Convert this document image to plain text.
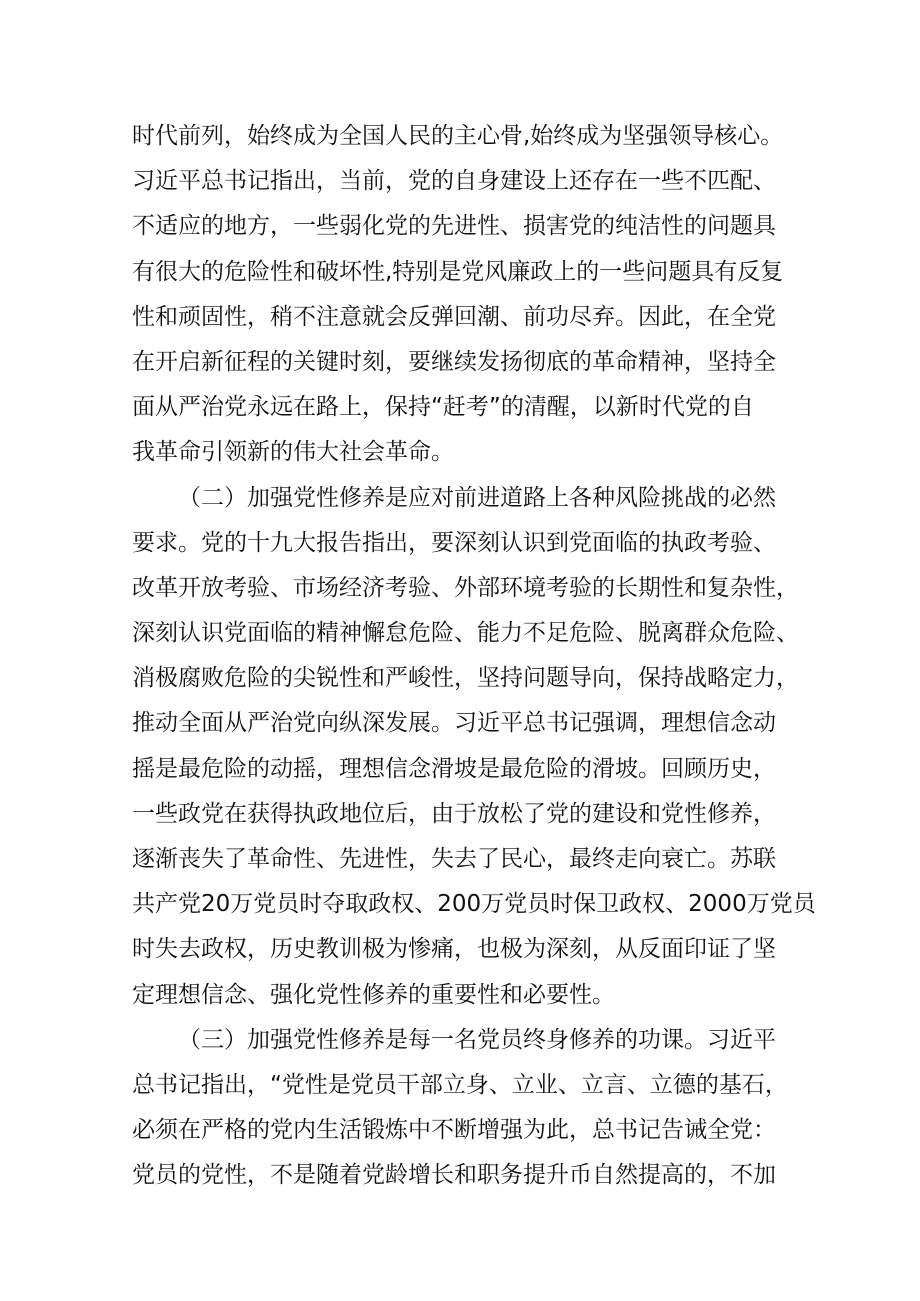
时代前列，始终成为全国人民的主心骨,始终成为坚强领导核心。
习近平总书记指出，当前，党的自身建设上还存在一些不匹配、
不适应的地方，一些弱化党的先进性、损害党的纯洁性的问题具
有很大的危险性和破坏性,特别是党风廉政上的一些问题具有反复
性和顽固性，稍不注意就会反弹回潮、前功尽弃。因此，在全党
在开启新征程的关键时刻，要继续发扬彻底的革命精神，坚持全
面从严治党永远在路上，保持“赶考”的清醒，以新时代党的自
我革命引领新的伟大社会革命。
（二）加强党性修养是应对前进道路上各种风险挑战的必然
要求。党的十九大报告指出，要深刻认识到党面临的执政考验、
改革开放考验、市场经济考验、外部环境考验的长期性和复杂性，
深刻认识党面临的精神懈怠危险、能力不足危险、脱离群众危险、
消极腐败危险的尖锐性和严峻性，坚持问题导向，保持战略定力，
推动全面从严治党向纵深发展。习近平总书记强调，理想信念动
摇是最危险的动摇，理想信念滑坡是最危险的滑坡。回顾历史，
一些政党在获得执政地位后，由于放松了党的建设和党性修养，
逐渐丧失了革命性、先进性，失去了民心，最终走向衰亡。苏联
共产党20万党员时夺取政权、200万党员时保卫政权、2000万党员
时失去政权，历史教训极为惨痛，也极为深刻，从反面印证了坚
定理想信念、强化党性修养的重要性和必要性。
（三）加强党性修养是每一名党员终身修养的功课。习近平
总书记指出，“党性是党员干部立身、立业、立言、立德的基石，
必须在严格的党内生活锻炼中不断增强为此，总书记告诫全党：
党员的党性，不是随着党龄增长和职务提升币自然提高的，不加
